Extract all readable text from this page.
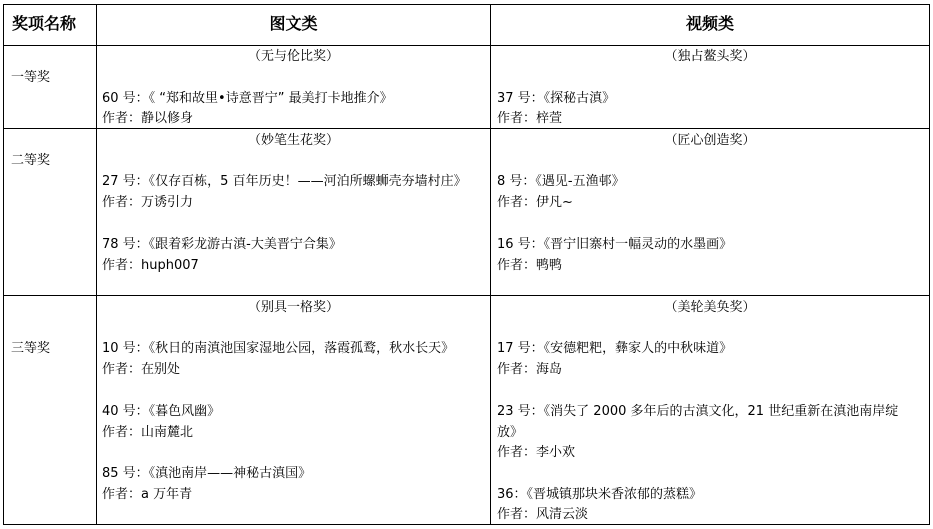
奖项名称	图文类	视频类
一等奖
（无与伦比奖）
60 号：《 “郑和故里•诗意晋宁” 最美打卡地推介》
作者：静以修身
（独占鳌头奖）
37 号：《探秘古滇》
作者：梓萱
二等奖
（妙笔生花奖）
27 号：《仅存百栋，5 百年历史！——河泊所螺蛳壳夯墙村庄》
作者：万诱引力
78 号：《跟着彩龙游古滇-大美晋宁合集》
作者：huph007
（匠心创造奖）
8 号：《遇见-五渔邨》
作者：伊凡~
16 号：《晋宁旧寨村一幅灵动的水墨画》
作者：鸭鸭
三等奖
（别具一格奖）
10 号：《秋日的南滇池国家湿地公园，落霞孤鹜，秋水长天》
作者：在别处
40 号：《暮色风幽》
作者：山南麓北
85 号：《滇池南岸——神秘古滇国》
作者：a 万年青
（美轮美奂奖）
17 号：《安德粑粑，彝家人的中秋味道》
作者：海岛
23 号：《消失了 2000 多年后的古滇文化，21 世纪重新在滇池南岸绽
放》
作者：李小欢
36：《晋城镇那块米香浓郁的蒸糕》
作者：风清云淡
